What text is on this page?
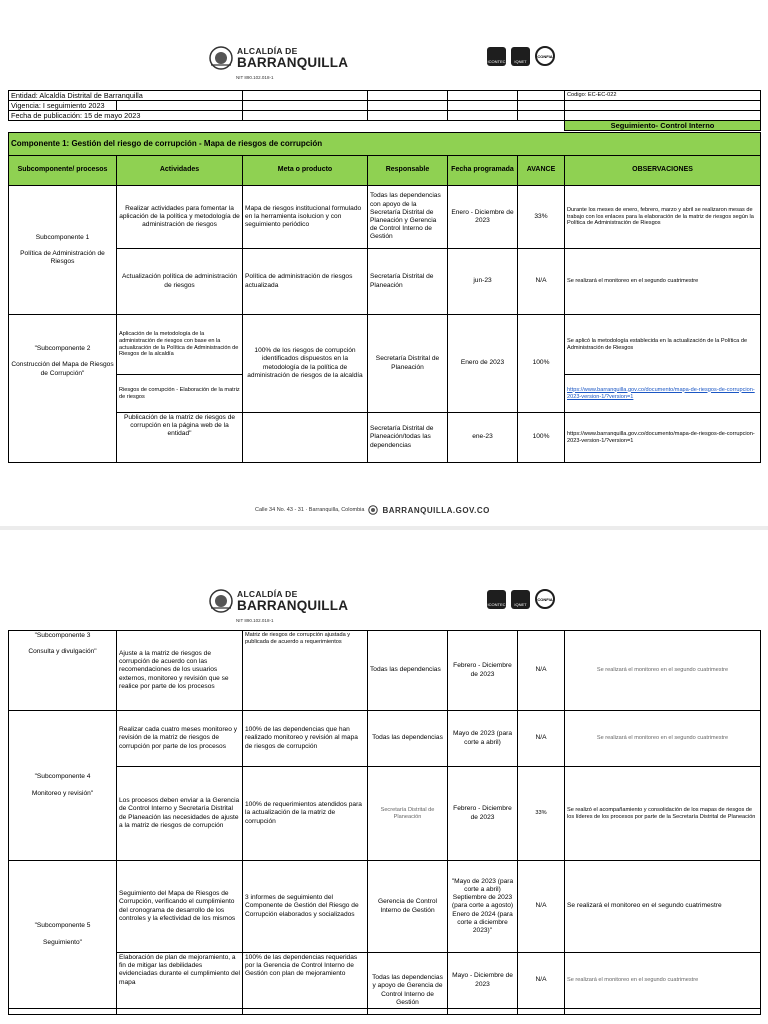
ALCALDÍA DE
BARRANQUILLA
NIT 890.102.018-1
ICONTEC	IQNET
CONFIA
Entidad: Alcaldía Distrital de Barranquilla						Codigo: EC-EC-022
Vigencia: I seguimiento 2023						
Fecha de publicación: 15 de mayo 2023						
						Seguimiento- Control Interno
Componente 1: Gestión del riesgo de corrupción - Mapa de riesgos de corrupción						
Subcomponente/ procesos	Actividades	Meta o producto	Responsable	Fecha programada	AVANCE	OBSERVACIONES
Subcomponente 1

Política de Administración de Riesgos	Realizar actividades para fomentar la aplicación de la política y metodología de administración de riesgos	Mapa de riesgos institucional formulado en la herramienta isolucion y con seguimiento periódico	Todas las dependencias con apoyo de la Secretaría Distrital de Planeación y Gerencia de Control Interno de Gestión	Enero - Diciembre de 2023	33%	Durante los meses de enero, febrero, marzo y abril se realizaron mesas de trabajo con los enlaces para la elaboración de la matriz de riesgos según la Política de Administración de Riesgos
	Actualización política de administración de riesgos	Política de administración de riesgos actualizada	Secretaría Distrital de Planeación	jun-23	N/A	Se realizará el monitoreo en el segundo cuatrimestre
"Subcomponente 2

Construcción del Mapa de Riesgos de Corrupción"	Aplicación de la metodología de la administración de riesgos con base en la actualización de la Política de Administración de Riesgos de la alcaldía	100% de los riesgos de corrupción identificados dispuestos en la metodología de la política de administración de riesgos de la alcaldía	Secretaría Distrital de Planeación	Enero de 2023	100%	Se aplicó la metodología establecida en la actualización de la Política de Administración de Riesgos
	Riesgos de corrupción - Elaboración de la matriz de riesgos					https://www.barranquilla.gov.co/documento/mapa-de-riesgos-de-corrupcion-2023-version-1/?version=1
	Publicación de la matriz de riesgos de corrupción en la página web de la entidad"		Secretaría Distrital de Planeación/todas las dependencias	ene-23	100%	https://www.barranquilla.gov.co/documento/mapa-de-riesgos-de-corrupcion-2023-version-1/?version=1
Calle 34 No. 43 - 31 · Barranquilla, Colombia BARRANQUILLA.GOV.CO
ALCALDÍA DE
BARRANQUILLA
NIT 890.102.018-1
ICONTEC	IQNET
CONFIA
"Subcomponente 3

Consulta y divulgación"	Ajuste a la matriz de riesgos de corrupción de acuerdo con las recomendaciones de los usuarios externos, monitoreo y revisión que se realice por parte de los procesos	Matriz de riesgos de corrupción ajustada y publicada de acuerdo a requerimientos	Todas las dependencias	Febrero - Diciembre de 2023	N/A	Se realizará el monitoreo en el segundo cuatrimestre
"Subcomponente 4

Monitoreo y revisión"	Realizar cada cuatro meses monitoreo y revisión de la matriz de riesgos de corrupción por parte de los procesos	100% de las dependencias que han realizado monitoreo y revisión al mapa de riesgos de corrupción	Todas las dependencias	Mayo de 2023 (para corte a abril)	N/A	Se realizará el monitoreo en el segundo cuatrimestre
	Los procesos deben enviar a la Gerencia de Control Interno y Secretaría Distrital de Planeación las necesidades de ajuste a la matriz de riesgos de corrupción	100% de requerimientos atendidos para la actualización de la matriz de corrupción	Secretaría Distrital de Planeación	Febrero - Diciembre de 2023	33%	Se realizó el acompañamiento y consolidación de los mapas de riesgos de los líderes de los procesos por parte de la Secretaría Distrital de Planeación
"Subcomponente 5

Seguimiento"	Seguimiento del Mapa de Riesgos de Corrupción, verificando el cumplimiento del cronograma de desarrollo de los controles y la efectividad de los mismos	3 informes de seguimiento del Componente de Gestión del Riesgo de Corrupción elaborados y socializados	Gerencia de Control Interno de Gestión	"Mayo de 2023 (para corte a abril) Septiembre de 2023 (para corte a agosto) Enero de 2024 (para corte a diciembre 2023)"	N/A	Se realizará el monitoreo en el segundo cuatrimestre
	Elaboración de plan de mejoramiento, a fin de mitigar las debilidades evidenciadas durante el cumplimiento del mapa	100% de las dependencias requeridas por la Gerencia de Control Interno de Gestión con plan de mejoramiento	Todas las dependencias y apoyo de Gerencia de Control Interno de Gestión	Mayo - Diciembre de 2023	N/A	Se realizará el monitoreo en el segundo cuatrimestre
